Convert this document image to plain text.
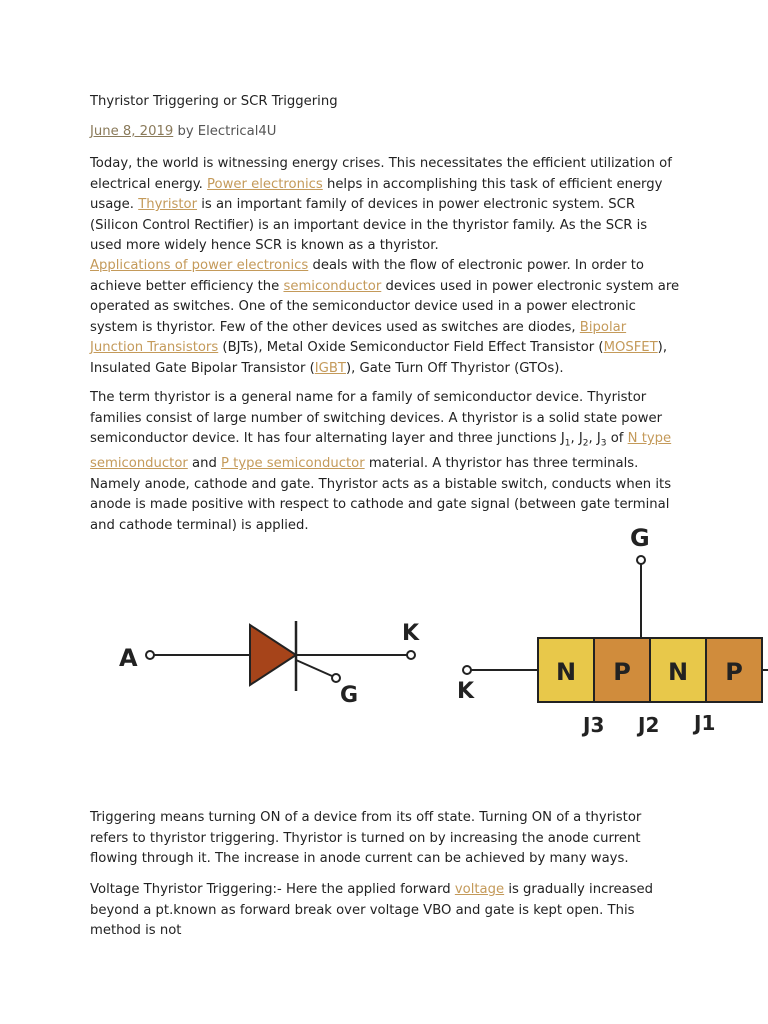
Thyristor Triggering or SCR Triggering
June 8, 2019 by Electrical4U
Today, the world is witnessing energy crises. This necessitates the efficient utilization of electrical energy. Power electronics helps in accomplishing this task of efficient energy usage. Thyristor is an important family of devices in power electronic system. SCR (Silicon Control Rectifier) is an important device in the thyristor family. As the SCR is used more widely hence SCR is known as a thyristor.
Applications of power electronics deals with the flow of electronic power. In order to achieve better efficiency the semiconductor devices used in power electronic system are operated as switches. One of the semiconductor device used in a power electronic system is thyristor. Few of the other devices used as switches are diodes, Bipolar Junction Transistors (BJTs), Metal Oxide Semiconductor Field Effect Transistor (MOSFET), Insulated Gate Bipolar Transistor (IGBT), Gate Turn Off Thyristor (GTOs).
The term thyristor is a general name for a family of semiconductor device. Thyristor families consist of large number of switching devices. A thyristor is a solid state power semiconductor device. It has four alternating layer and three junctions $J_1$, $J_2$, $J_3$ of N type semiconductor and P type semiconductor material. A thyristor has three terminals. Namely anode, cathode and gate. Thyristor acts as a bistable switch, conducts when its anode is made positive with respect to cathode and gate signal (between gate terminal and cathode terminal) is applied.
Triggering means turning ON of a device from its off state. Turning ON of a thyristor refers to thyristor triggering. Thyristor is turned on by increasing the anode current flowing through it. The increase in anode current can be achieved by many ways.
Voltage Thyristor Triggering:- Here the applied forward voltage is gradually increased beyond a pt.known as forward break over voltage VBO and gate is kept open. This method is not
A
K
G
G
K
N P N P
J3 J2 J1
